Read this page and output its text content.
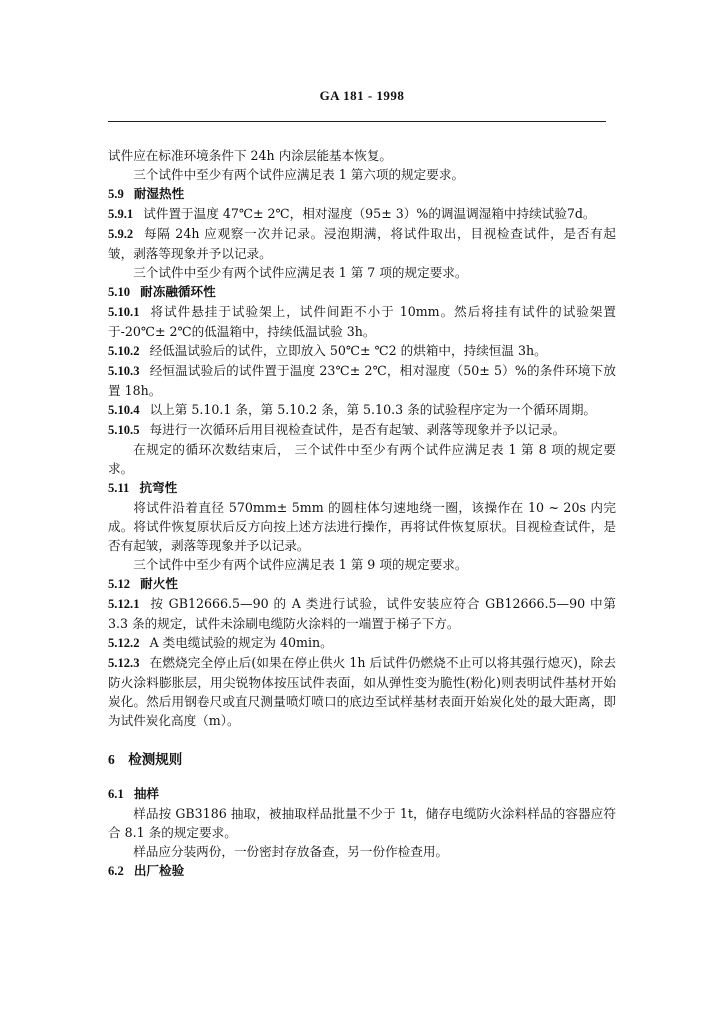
GA 181 - 1998

试件应在标准环境条件下 24h 内涂层能基本恢复。

三个试件中至少有两个试件应满足表 1 第六项的规定要求。

5.9 耐湿热性

5.9.1 试件置于温度 47℃± 2℃，相对湿度（95± 3）%的调温调湿箱中持续试验7d。

5.9.2 每隔 24h 应观察一次并记录。浸泡期满，将试件取出，目视检查试件，是否有起皱，剥落等现象并予以记录。

三个试件中至少有两个试件应满足表 1 第 7 项的规定要求。

5.10 耐冻融循环性

5.10.1 将试件悬挂于试验架上，试件间距不小于 10mm。然后将挂有试件的试验架置于-20℃± 2℃的低温箱中，持续低温试验 3h。

5.10.2 经低温试验后的试件，立即放入 50℃± ℃2 的烘箱中，持续恒温 3h。

5.10.3 经恒温试验后的试件置于温度 23℃± 2℃，相对湿度（50± 5）%的条件环境下放置 18h。

5.10.4 以上第 5.10.1 条，第 5.10.2 条，第 5.10.3 条的试验程序定为一个循环周期。

5.10.5 每进行一次循环后用目视检查试件，是否有起皱、剥落等现象并予以记录。

在规定的循环次数结束后， 三个试件中至少有两个试件应满足表 1 第 8 项的规定要求。

5.11 抗弯性

将试件沿着直径 570mm± 5mm 的圆柱体匀速地绕一圈，该操作在 10 ~ 20s 内完成。将试件恢复原状后反方向按上述方法进行操作，再将试件恢复原状。目视检查试件，是否有起皱，剥落等现象并予以记录。

三个试件中至少有两个试件应满足表 1 第 9 项的规定要求。

5.12 耐火性

5.12.1 按 GB12666.5—90 的 A 类进行试验，试件安装应符合 GB12666.5—90 中第 3.3 条的规定，试件未涂刷电缆防火涂料的一端置于梯子下方。

5.12.2 A 类电缆试验的规定为 40min。

5.12.3 在燃烧完全停止后(如果在停止供火 1h 后试件仍燃烧不止可以将其强行熄灭)，除去防火涂料膨胀层，用尖锐物体按压试件表面，如从弹性变为脆性(粉化)则表明试件基材开始炭化。然后用钢卷尺或直尺测量喷灯喷口的底边至试样基材表面开始炭化处的最大距离，即为试件炭化高度（m）。

6 检测规则

6.1 抽样

样品按 GB3186 抽取，被抽取样品批量不少于 1t，储存电缆防火涂料样品的容器应符合 8.1 条的规定要求。

样品应分装两份，一份密封存放备查，另一份作检查用。

6.2 出厂检验
